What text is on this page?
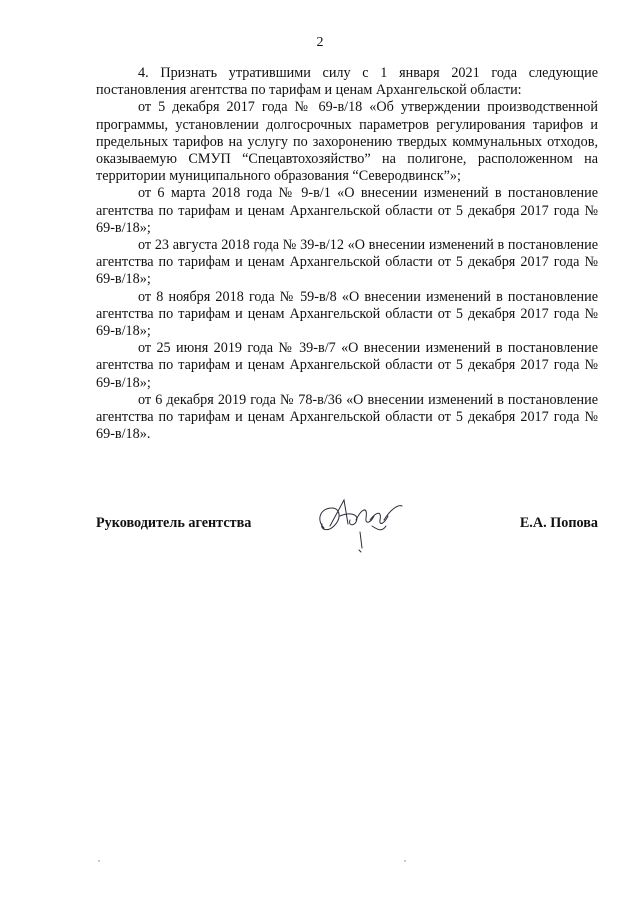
2

4. Признать утратившими силу с 1 января 2021 года следующие постановления агентства по тарифам и ценам Архангельской области:

от 5 декабря 2017 года № 69-в/18 «Об утверждении производственной программы, установлении долгосрочных параметров регулирования тарифов и предельных тарифов на услугу по захоронению твердых коммунальных отходов, оказываемую СМУП “Спецавтохозяйство” на полигоне, расположенном на территории муниципального образования “Северодвинск”»;

от 6 марта 2018 года № 9-в/1 «О внесении изменений в постановление агентства по тарифам и ценам Архангельской области от 5 декабря 2017 года № 69-в/18»;

от 23 августа 2018 года № 39-в/12 «О внесении изменений в постановление агентства по тарифам и ценам Архангельской области от 5 декабря 2017 года № 69-в/18»;

от 8 ноября 2018 года № 59-в/8 «О внесении изменений в постановление агентства по тарифам и ценам Архангельской области от 5 декабря 2017 года № 69-в/18»;

от 25 июня 2019 года № 39-в/7 «О внесении изменений в постановление агентства по тарифам и ценам Архангельской области от 5 декабря 2017 года № 69-в/18»;

от 6 декабря 2019 года № 78-в/36 «О внесении изменений в постановление агентства по тарифам и ценам Архангельской области от 5 декабря 2017 года № 69-в/18».

Руководитель агентства	Е.А. Попова
